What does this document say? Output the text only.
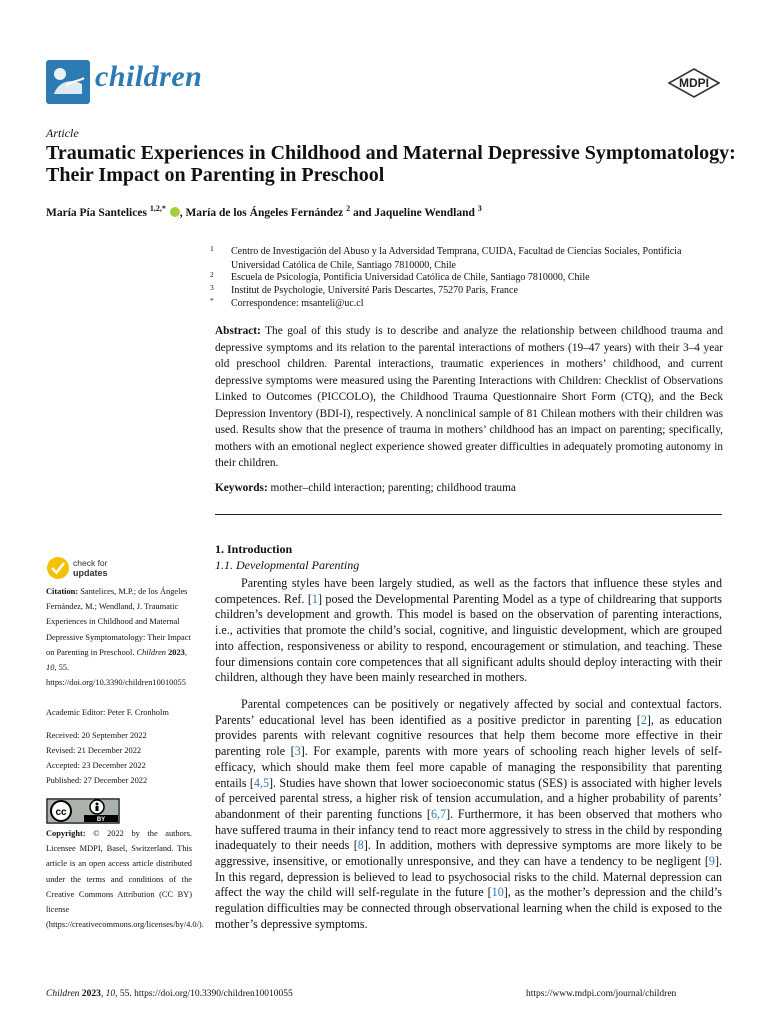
children	MDPI
Article
Traumatic Experiences in Childhood and Maternal Depressive Symptomatology: Their Impact on Parenting in Preschool
María Pía Santelices $^{1,2,*}$ , María de los Ángeles Fernández $^2$ and Jaqueline Wendland $^3$
1 Centro de Investigación del Abuso y la Adversidad Temprana, CUIDA, Facultad de Ciencias Sociales, Pontificia Universidad Católica de Chile, Santiago 7810000, Chile
2 Escuela de Psicología, Pontificia Universidad Católica de Chile, Santiago 7810000, Chile
3 Institut de Psychologie, Université Paris Descartes, 75270 Paris, France
* Correspondence: msanteli@uc.cl
Abstract: The goal of this study is to describe and analyze the relationship between childhood trauma and depressive symptoms and its relation to the parental interactions of mothers (19–47 years) with their 3–4 year old preschool children. Parental interactions, traumatic experiences in mothers’ childhood, and current depressive symptoms were measured using the Parenting Interactions with Children: Checklist of Observations Linked to Outcomes (PICCOLO), the Childhood Trauma Questionnaire Short Form (CTQ), and the Beck Depression Inventory (BDI-I), respectively. A nonclinical sample of 81 Chilean mothers with their children was used. Results show that the presence of trauma in mothers’ childhood has an impact on parenting; specifically, mothers with an emotional neglect experience showed greater difficulties in adequately promoting autonomy in their children.
Keywords: mother–child interaction; parenting; childhood trauma
check for
updates
Citation: Santelices, M.P.; de los Ángeles Fernández, M.; Wendland, J. Traumatic Experiences in Childhood and Maternal Depressive Symptomatology: Their Impact on Parenting in Preschool. Children 2023, 10, 55. https://doi.org/10.3390/children10010055
Academic Editor: Peter F. Cronholm
Received: 20 September 2022
Revised: 21 December 2022
Accepted: 23 December 2022
Published: 27 December 2022
cc
BY
Copyright: © 2022 by the authors. Licensee MDPI, Basel, Switzerland. This article is an open access article distributed under the terms and conditions of the Creative Commons Attribution (CC BY) license (https://creativecommons.org/licenses/by/4.0/).
1. Introduction
1.1. Developmental Parenting
Parenting styles have been largely studied, as well as the factors that influence these styles and competences. Ref. [1] posed the Developmental Parenting Model as a type of childrearing that supports children’s development and growth. This model is based on the observation of parenting interactions, i.e., activities that promote the child’s social, cognitive, and linguistic development, which are grouped into affection, responsiveness or ability to respond, encouragement or stimulation, and teaching. These four dimensions contain core competences that all significant adults should deploy interacting with their children, although they have been mainly researched in mothers.
Parental competences can be positively or negatively affected by social and contextual factors. Parents’ educational level has been identified as a positive predictor in parenting [2], as education provides parents with relevant cognitive resources that help them become more effective in their parenting role [3]. For example, parents with more years of schooling reach higher levels of self-efficacy, which should make them feel more capable of managing the responsibility that parenting entails [4,5]. Studies have shown that lower socioeconomic status (SES) is associated with higher levels of perceived parental stress, a higher risk of tension accumulation, and a higher probability of parents’ abandonment of their parenting functions [6,7]. Furthermore, it has been observed that mothers who have suffered trauma in their infancy tend to react more aggressively to stress in the child by responding inadequately to their needs [8]. In addition, mothers with depressive symptoms are more likely to be aggressive, insensitive, or emotionally unresponsive, and they can have a tendency to be negligent [9]. In this regard, depression is believed to lead to psychosocial risks to the child. Maternal depression can affect the way the child will self-regulate in the future [10], as the mother’s depression and the child’s regulation difficulties may be connected through observational learning when the child is exposed to the mother’s depressive symptoms.
Children 2023, 10, 55. https://doi.org/10.3390/children10010055	https://www.mdpi.com/journal/children
